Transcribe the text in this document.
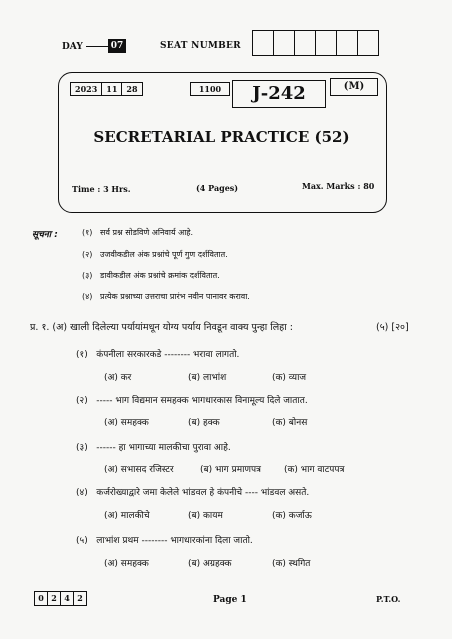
DAY	07	SEAT NUMBER
2023	11	28	1100	J-242	(M)
SECRETARIAL PRACTICE (52)
Time : 3 Hrs.	(4 Pages)	Max. Marks : 80
सूचना :	(१) सर्व प्रश्न सोडविणे अनिवार्य आहे.
(२) उजवीकडील अंक प्रश्नांचे पूर्ण गुण दर्शवितात.
(३) डावीकडील अंक प्रश्नांचे क्रमांक दर्शवितात.
(४) प्रत्येक प्रश्नाच्या उत्तराचा प्रारंभ नवीन पानावर करावा.
प्र. १. (अ) खाली दिलेल्या पर्यायांमधून योग्य पर्याय निवडून वाक्य पुन्हा लिहा :	(५) [२०]
(१) कंपनीला सरकारकडे -------- भरावा लागतो.
(अ) कर	(ब) लाभांश	(क) व्याज
(२) ----- भाग विद्यमान समहक्क भागधारकास विनामूल्य दिले जातात.
(अ) समहक्क	(ब) हक्क	(क) बोनस
(३) ------ हा भागाच्या मालकीचा पुरावा आहे.
(अ) सभासद रजिस्टर	(ब) भाग प्रमाणपत्र	(क) भाग वाटपपत्र
(४) कर्जरोख्याद्वारे जमा केलेले भांडवल हे कंपनीचे ---- भांडवल असते.
(अ) मालकीचे	(ब) कायम	(क) कर्जाऊ
(५) लाभांश प्रथम -------- भागधारकांना दिला जातो.
(अ) समहक्क	(ब) अग्रहक्क	(क) स्थगित
0 2 4 2	Page 1	P.T.O.
